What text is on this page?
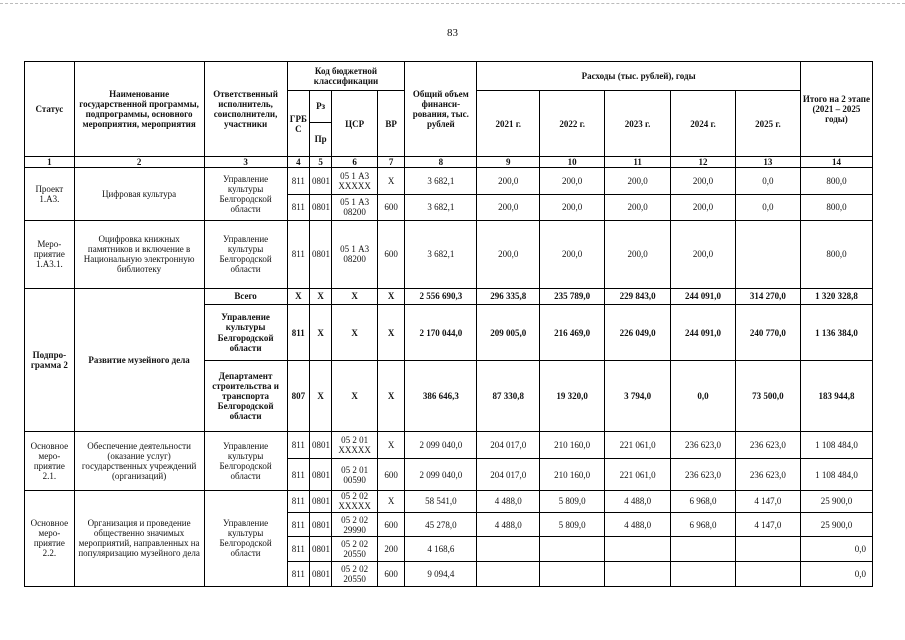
83
Статус	Наименование государственной программы, подпрограммы, основного мероприятия, мероприятия	Ответственный исполнитель, соисполнители, участники	Код бюджетной классификации				Общий объем финанси-рования, тыс. рублей	Расходы (тыс. рублей), годы					Итого на 2 этапе (2021 – 2025 годы)
			ГРБ С	Рз	ЦСР	ВР		2021 г.	2022 г.	2023 г.	2024 г.	2025 г.	
				Пр									
1	2	3	4	5	6	7	8	9	10	11	12	13	14
Проект 1.А3.	Цифровая культура	Управление культуры Белгородской области	811	0801	05 1 А3 ХХХХХ	Х	3 682,1	200,0	200,0	200,0	200,0	0,0	800,0
			811	0801	05 1 А3 08200	600	3 682,1	200,0	200,0	200,0	200,0	0,0	800,0
Меро-приятие 1.А3.1.	Оцифровка книжных памятников и включение в Национальную электронную библиотеку	Управление культуры Белгородской области	811	0801	05 1 А3 08200	600	3 682,1	200,0	200,0	200,0	200,0		800,0
Подпро-грамма 2	Развитие музейного дела	Всего	Х	Х	Х	Х	2 556 690,3	296 335,8	235 789,0	229 843,0	244 091,0	314 270,0	1 320 328,8
		Управление культуры Белгородской области	811	Х	Х	Х	2 170 044,0	209 005,0	216 469,0	226 049,0	244 091,0	240 770,0	1 136 384,0
		Департамент строительства и транспорта Белгородской области	807	Х	Х	Х	386 646,3	87 330,8	19 320,0	3 794,0	0,0	73 500,0	183 944,8
Основное меро-приятие 2.1.	Обеспечение деятельности (оказание услуг) государственных учреждений (организаций)	Управление культуры Белгородской области	811	0801	05 2 01 ХХХХХ	Х	2 099 040,0	204 017,0	210 160,0	221 061,0	236 623,0	236 623,0	1 108 484,0
			811	0801	05 2 01 00590	600	2 099 040,0	204 017,0	210 160,0	221 061,0	236 623,0	236 623,0	1 108 484,0
Основное меро-приятие 2.2.	Организация и проведение общественно значимых мероприятий, направленных на популяризацию музейного дела	Управление культуры Белгородской области	811	0801	05 2 02 ХХХХХ	Х	58 541,0	4 488,0	5 809,0	4 488,0	6 968,0	4 147,0	25 900,0
			811	0801	05 2 02 29990	600	45 278,0	4 488,0	5 809,0	4 488,0	6 968,0	4 147,0	25 900,0
			811	0801	05 2 02 20550	200	4 168,6						0,0
			811	0801	05 2 02 20550	600	9 094,4						0,0
